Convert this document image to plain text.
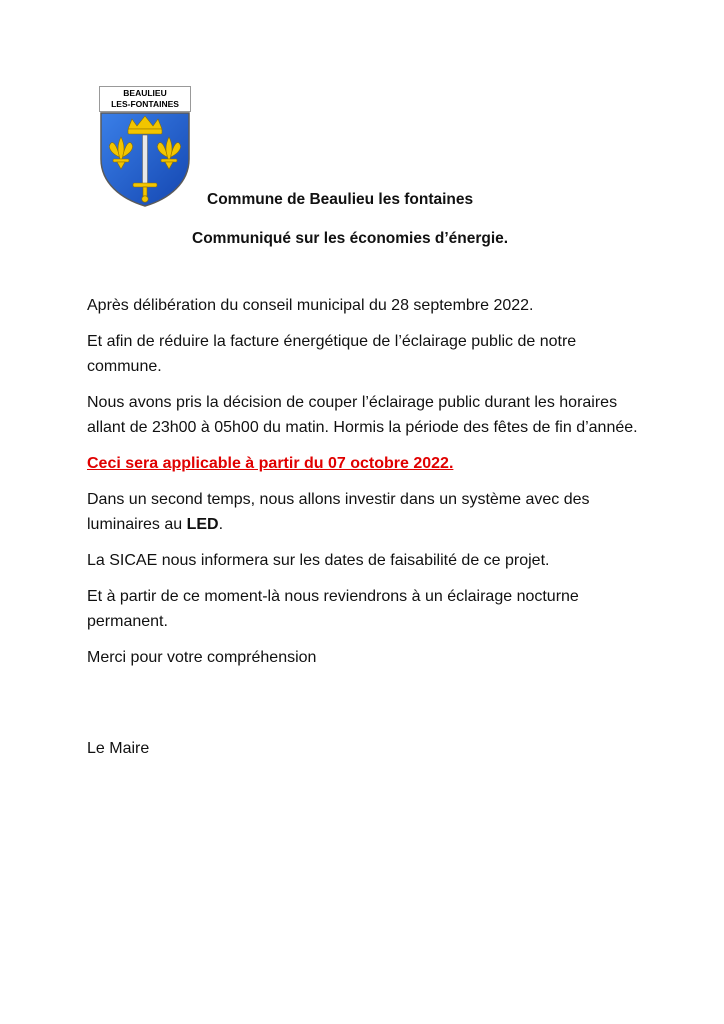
BEAULIEU
LES-FONTAINES
Commune de Beaulieu les fontaines
Communiqué sur les économies d’énergie.

Après délibération du conseil municipal du 28 septembre 2022.

Et afin de réduire la facture énergétique de l’éclairage public de notre commune.

Nous avons pris la décision de couper l’éclairage public durant les horaires allant de 23h00 à 05h00 du matin. Hormis la période des fêtes de fin d’année.

Ceci sera applicable à partir du 07 octobre 2022.

Dans un second temps, nous allons investir dans un système avec des luminaires au LED.

La SICAE nous informera sur les dates de faisabilité de ce projet.

Et à partir de ce moment-là nous reviendrons à un éclairage nocturne permanent.

Merci pour votre compréhension

Le Maire
